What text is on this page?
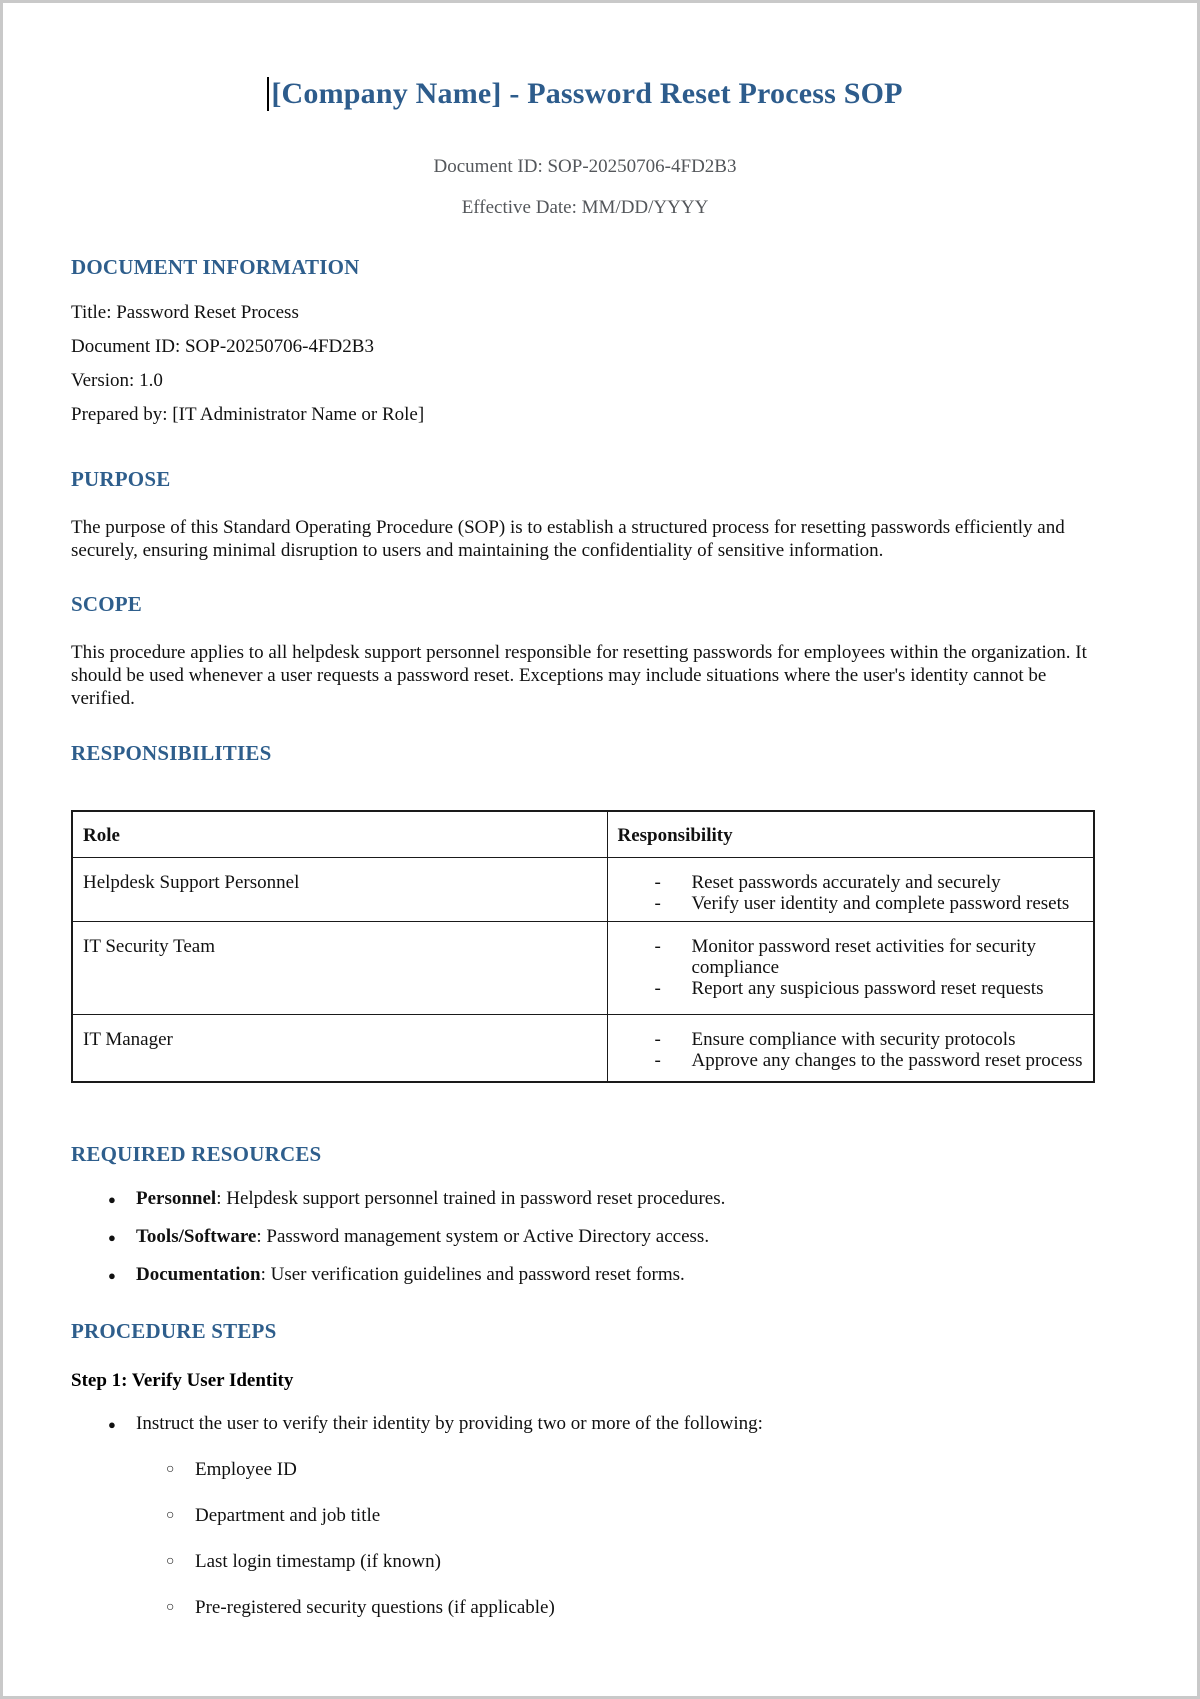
[Company Name] - Password Reset Process SOP

Document ID: SOP-20250706-4FD2B3

Effective Date: MM/DD/YYYY

DOCUMENT INFORMATION

Title: Password Reset Process

Document ID: SOP-20250706-4FD2B3

Version: 1.0

Prepared by: [IT Administrator Name or Role]

PURPOSE

The purpose of this Standard Operating Procedure (SOP) is to establish a structured process for resetting passwords efficiently and securely, ensuring minimal disruption to users and maintaining the confidentiality of sensitive information.

SCOPE

This procedure applies to all helpdesk support personnel responsible for resetting passwords for employees within the organization. It should be used whenever a user requests a password reset. Exceptions may include situations where the user's identity cannot be verified.

RESPONSIBILITIES
Role	Responsibility
Helpdesk Support Personnel	- Reset passwords accurately and securely
- Verify user identity and complete password resets

IT Security Team	- Monitor password reset activities for security compliance
- Report any suspicious password reset requests

IT Manager	- Ensure compliance with security protocols
- Approve any changes to the password reset process
REQUIRED RESOURCES
● Personnel: Helpdesk support personnel trained in password reset procedures.
● Tools/Software: Password management system or Active Directory access.
● Documentation: User verification guidelines and password reset forms.
PROCEDURE STEPS

Step 1: Verify User Identity

● Instruct the user to verify their identity by providing two or more of the following:
○ Employee ID
○ Department and job title
○ Last login timestamp (if known)
○ Pre-registered security questions (if applicable)
